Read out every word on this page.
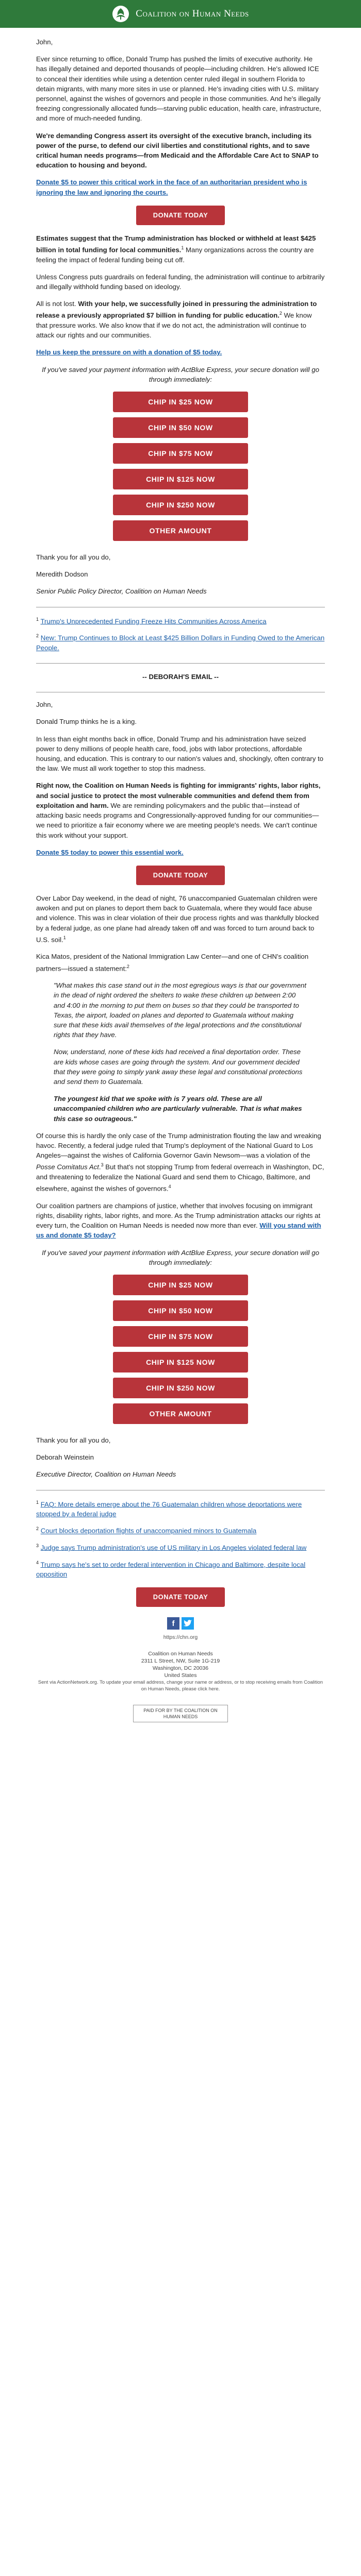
Coalition on Human Needs

John,

Ever since returning to office, Donald Trump has pushed the limits of executive authority. He has illegally detained and deported thousands of people—including children. He's allowed ICE to conceal their identities while using a detention center ruled illegal in southern Florida to detain migrants, with many more sites in use or planned. He's invading cities with U.S. military personnel, against the wishes of governors and people in those communities. And he's illegally freezing congressionally allocated funds—starving public education, health care, infrastructure, and more of much-needed funding.

We're demanding Congress assert its oversight of the executive branch, including its power of the purse, to defend our civil liberties and constitutional rights, and to save critical human needs programs—from Medicaid and the Affordable Care Act to SNAP to education to housing and beyond.

Donate $5 to power this critical work in the face of an authoritarian president who is ignoring the law and ignoring the courts.

DONATE TODAY

Estimates suggest that the Trump administration has blocked or withheld at least $425 billion in total funding for local communities.$^1$ Many organizations across the country are feeling the impact of federal funding being cut off.

Unless Congress puts guardrails on federal funding, the administration will continue to arbitrarily and illegally withhold funding based on ideology.

All is not lost. With your help, we successfully joined in pressuring the administration to release a previously appropriated $7 billion in funding for public education.$^2$ We know that pressure works. We also know that if we do not act, the administration will continue to attack our rights and our communities.

Help us keep the pressure on with a donation of $5 today.

If you've saved your payment information with ActBlue Express, your secure donation will go through immediately:

CHIP IN $25 NOW
CHIP IN $50 NOW
CHIP IN $75 NOW
CHIP IN $125 NOW
CHIP IN $250 NOW
OTHER AMOUNT

Thank you for all you do,

Meredith Dodson

Senior Public Policy Director, Coalition on Human Needs

$^1$ Trump's Unprecedented Funding Freeze Hits Communities Across America

$^2$ New: Trump Continues to Block at Least $425 Billion Dollars in Funding Owed to the American People.

-- DEBORAH'S EMAIL --

John,

Donald Trump thinks he is a king.

In less than eight months back in office, Donald Trump and his administration have seized power to deny millions of people health care, food, jobs with labor protections, affordable housing, and education. This is contrary to our nation's values and, shockingly, often contrary to the law. We must all work together to stop this madness.

Right now, the Coalition on Human Needs is fighting for immigrants' rights, labor rights, and social justice to protect the most vulnerable communities and defend them from exploitation and harm. We are reminding policymakers and the public that—instead of attacking basic needs programs and Congressionally-approved funding for our communities—we need to prioritize a fair economy where we are meeting people's needs. We can't continue this work without your support.

Donate $5 today to power this essential work.

DONATE TODAY

Over Labor Day weekend, in the dead of night, 76 unaccompanied Guatemalan children were awoken and put on planes to deport them back to Guatemala, where they would face abuse and violence. This was in clear violation of their due process rights and was thankfully blocked by a federal judge, as one plane had already taken off and was forced to turn around back to U.S. soil.$^1$

Kica Matos, president of the National Immigration Law Center—and one of CHN's coalition partners—issued a statement:$^2$

"What makes this case stand out in the most egregious ways is that our government in the dead of night ordered the shelters to wake these children up between 2:00 and 4:00 in the morning to put them on buses so that they could be transported to Texas, the airport, loaded on planes and deported to Guatemala without making sure that these kids avail themselves of the legal protections and the constitutional rights that they have.

Now, understand, none of these kids had received a final deportation order. These are kids whose cases are going through the system. And our government decided that they were going to simply yank away these legal and constitutional protections and send them to Guatemala.

The youngest kid that we spoke with is 7 years old. These are all unaccompanied children who are particularly vulnerable. That is what makes this case so outrageous."

Of course this is hardly the only case of the Trump administration flouting the law and wreaking havoc. Recently, a federal judge ruled that Trump's deployment of the National Guard to Los Angeles—against the wishes of California Governor Gavin Newsom—was a violation of the Posse Comitatus Act.$^3$ But that's not stopping Trump from federal overreach in Washington, DC, and threatening to federalize the National Guard and send them to Chicago, Baltimore, and elsewhere, against the wishes of governors.$^4$

Our coalition partners are champions of justice, whether that involves focusing on immigrant rights, disability rights, labor rights, and more. As the Trump administration attacks our rights at every turn, the Coalition on Human Needs is needed now more than ever. Will you stand with us and donate $5 today?

If you've saved your payment information with ActBlue Express, your secure donation will go through immediately:

CHIP IN $25 NOW
CHIP IN $50 NOW
CHIP IN $75 NOW
CHIP IN $125 NOW
CHIP IN $250 NOW
OTHER AMOUNT

Thank you for all you do,

Deborah Weinstein

Executive Director, Coalition on Human Needs

$^1$ FAQ: More details emerge about the 76 Guatemalan children whose deportations were stopped by a federal judge

$^2$ Court blocks deportation flights of unaccompanied minors to Guatemala

$^3$ Judge says Trump administration's use of US military in Los Angeles violated federal law

$^4$ Trump says he's set to order federal intervention in Chicago and Baltimore, despite local opposition

DONATE TODAY
f
https://chn.org
Coalition on Human Needs
2311 L Street, NW, Suite 1G-219
Washington, DC 20036
United States

Sent via ActionNetwork.org. To update your email address, change your name or address, or to stop receiving emails from Coalition on Human Needs, please click here.

PAID FOR BY THE COALITION ON HUMAN NEEDS
